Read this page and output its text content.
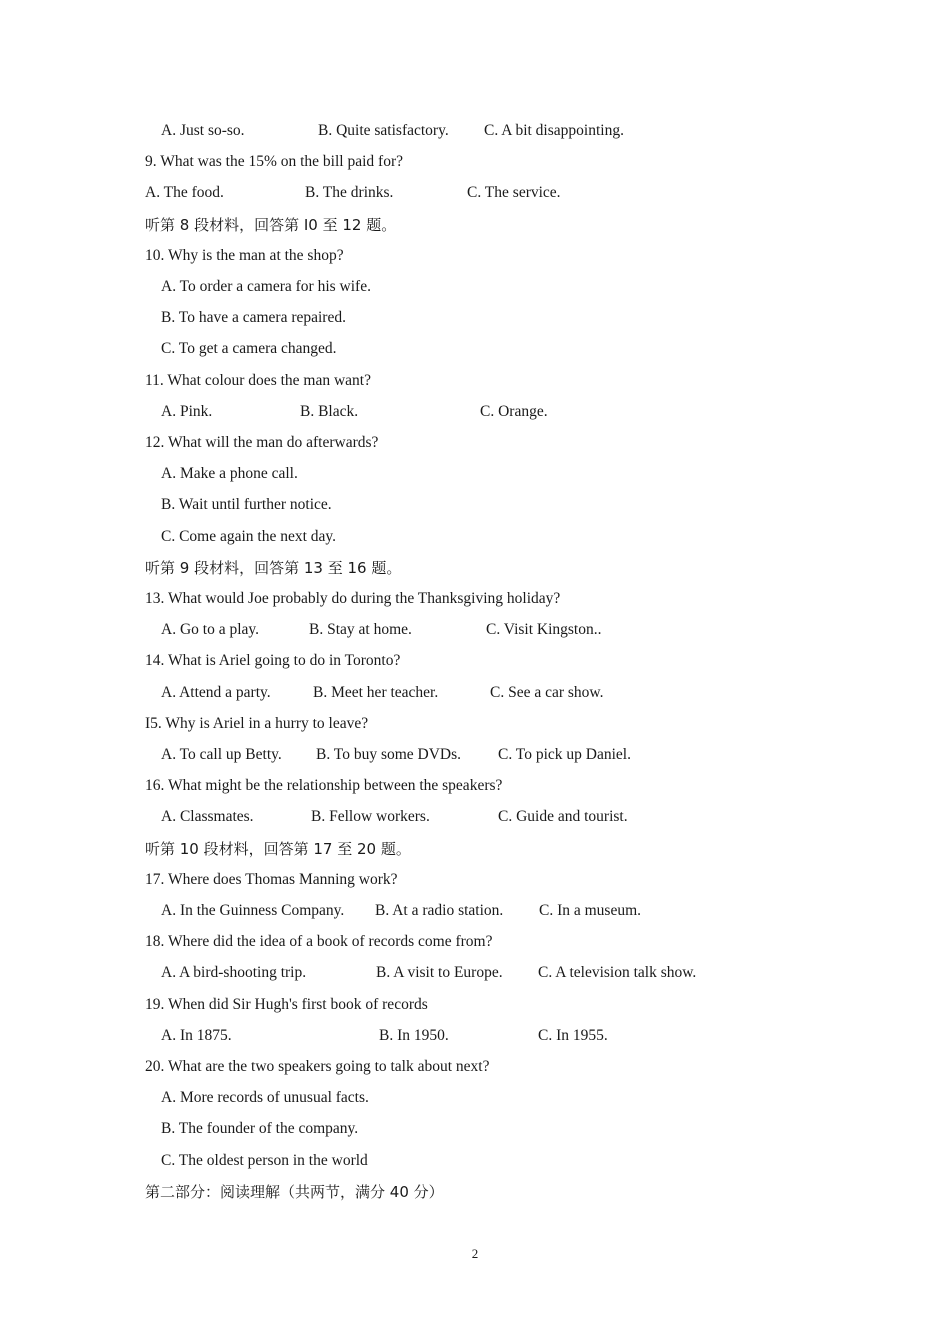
A. Just so-so.	B. Quite satisfactory. C. A bit disappointing.
9. What was the 15% on the bill paid for?
A. The food.	B. The drinks.	C. The service.
听第 8 段材料，回答第 I0 至 12 题。
10. Why is the man at the shop?
A. To order a camera for his wife.
B. To have a camera repaired.
C. To get a camera changed.
11. What colour does the man want?
A. Pink.	B. Black.	C. Orange.
12. What will the man do afterwards?
A. Make a phone call.
B. Wait until further notice.
C. Come again the next day.
听第 9 段材料，回答第 13 至 16 题。
13. What would Joe probably do during the Thanksgiving holiday?
A. Go to a play.	B. Stay at home.	C. Visit Kingston..
14. What is Ariel going to do in Toronto?
A. Attend a party.	B. Meet her teacher.	C. See a car show.
I5. Why is Ariel in a hurry to leave?
A. To call up Betty. B. To buy some DVDs. C. To pick up Daniel.
16. What might be the relationship between the speakers?
A. Classmates.	B. Fellow workers.	C. Guide and tourist.
听第 10 段材料，回答第 17 至 20 题。
17. Where does Thomas Manning work?
A. In the Guinness Company. B. At a radio station. C. In a museum.
18. Where did the idea of a book of records come from?
A. A bird-shooting trip.	B. A visit to Europe. C. A television talk show.
19. When did Sir Hugh's first book of records
A. In 1875.	B. In 1950.	C. In 1955.
20. What are the two speakers going to talk about next?
A. More records of unusual facts.
B. The founder of the company.
C. The oldest person in the world
第二部分：阅读理解（共两节，满分 40 分）
2
